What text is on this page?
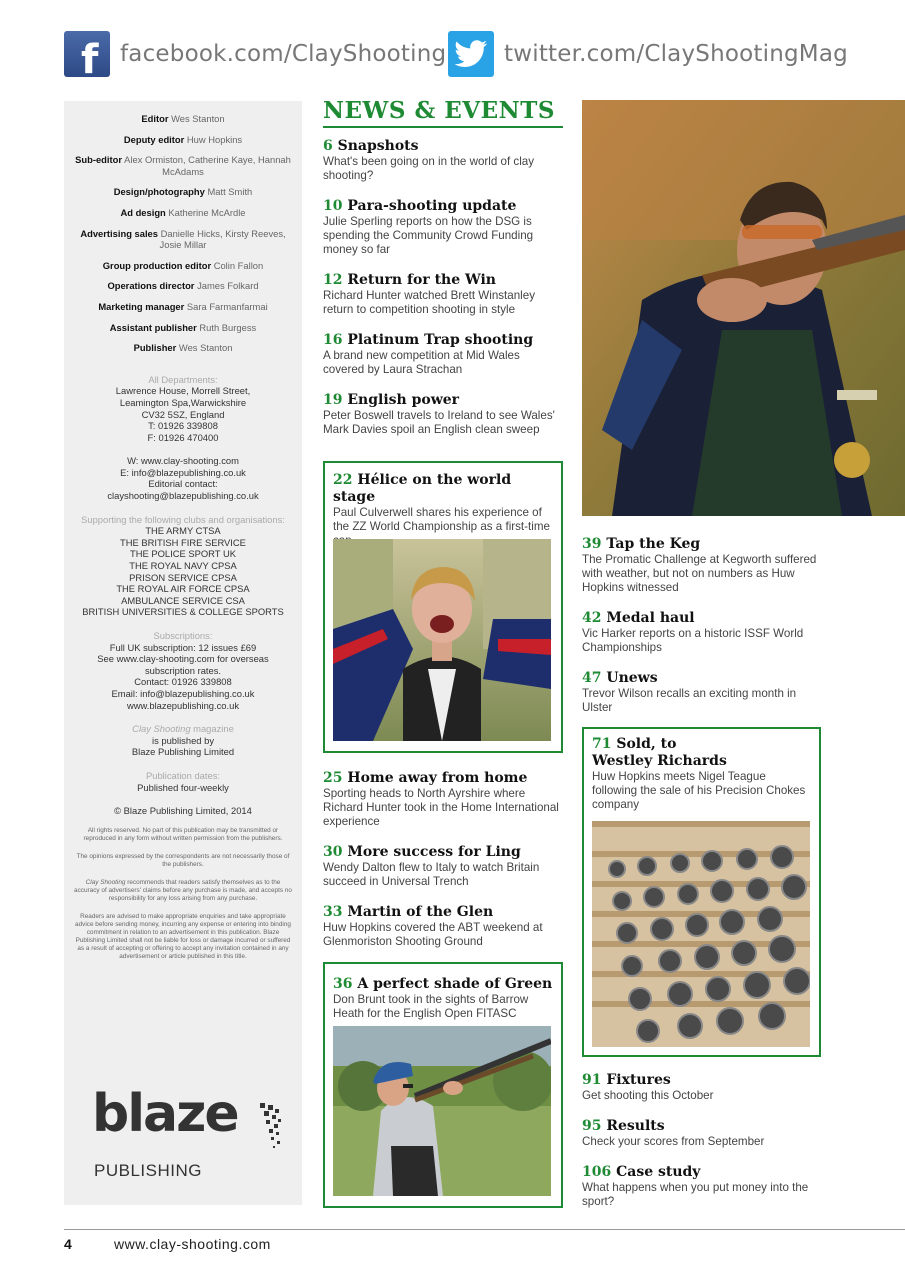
f facebook.com/ClayShooting	twitter.com/ClayShootingMag
Editor Wes Stanton
Deputy editor Huw Hopkins
Sub-editor Alex Ormiston, Catherine Kaye, Hannah McAdams
Design/photography Matt Smith
Ad design Katherine McArdle
Advertising sales Danielle Hicks, Kirsty Reeves, Josie Millar
Group production editor Colin Fallon
Operations director James Folkard
Marketing manager Sara Farmanfarmai
Assistant publisher Ruth Burgess
Publisher Wes Stanton
All Departments:
Lawrence House, Morrell Street,
Leamington Spa,Warwickshire
CV32 5SZ, England
T: 01926 339808
F: 01926 470400
W: www.clay-shooting.com
E: info@blazepublishing.co.uk
Editorial contact:
clayshooting@blazepublishing.co.uk
Supporting the following clubs and organisations:
THE ARMY CTSA
THE BRITISH FIRE SERVICE
THE POLICE SPORT UK
THE ROYAL NAVY CPSA
PRISON SERVICE CPSA
THE ROYAL AIR FORCE CPSA
AMBULANCE SERVICE CSA
BRITISH UNIVERSITIES & COLLEGE SPORTS
Subscriptions:
Full UK subscription: 12 issues £69
See www.clay-shooting.com for overseas
subscription rates.
Contact: 01926 339808
Email: info@blazepublishing.co.uk
www.blazepublishing.co.uk
Clay Shooting magazine
is published by
Blaze Publishing Limited
Publication dates:
Published four-weekly
© Blaze Publishing Limited, 2014
All rights reserved. No part of this publication may be transmitted or reproduced in any form without written permission from the publishers.
The opinions expressed by the correspondents are not necessarily those of the publishers.
Clay Shooting recommends that readers satisfy themselves as to the accuracy of advertisers' claims before any purchase is made, and accepts no responsibility for any loss arising from any purchase.
Readers are advised to make appropriate enquiries and take appropriate advice before sending money, incurring any expense or entering into binding commitment in relation to an advertisement in this publication. Blaze Publishing Limited shall not be liable for loss or damage incurred or suffered as a result of accepting or offering to accept any invitation contained in any advertisement or article published in this title.
blaze
PUBLISHING
NEWS & EVENTS
6 Snapshots
What's been going on in the world of clay shooting?
10 Para-shooting update
Julie Sperling reports on how the DSG is spending the Community Crowd Funding money so far
12 Return for the Win
Richard Hunter watched Brett Winstanley return to competition shooting in style
16 Platinum Trap shooting
A brand new competition at Mid Wales covered by Laura Strachan
19 English power
Peter Boswell travels to Ireland to see Wales' Mark Davies spoil an English clean sweep
22 Hélice on the world stage
Paul Culverwell shares his experience of the ZZ World Championship as a first-time
25 Home away from home
Sporting heads to North Ayrshire where Richard Hunter took in the Home International experience
30 More success for Ling
Wendy Dalton flew to Italy to watch Britain succeed in Universal Trench
33 Martin of the Glen
Huw Hopkins covered the ABT weekend at Glenmoriston Shooting Ground
36 A perfect shade of Green
Don Brunt took in the sights of Barrow Heath for the English Open FITASC
39 Tap the Keg
The Promatic Challenge at Kegworth suffered with weather, but not on numbers as Huw Hopkins witnessed
42 Medal haul
Vic Harker reports on a historic ISSF World Championships
47 Unews
Trevor Wilson recalls an exciting month in Ulster
71 Sold, to
Westley Richards
Huw Hopkins meets Nigel Teague following the sale of his Precision Chokes company
91 Fixtures
Get shooting this October
95 Results
Check your scores from September
106 Case study
What happens when you put money into the sport?
4	www.clay-shooting.com
